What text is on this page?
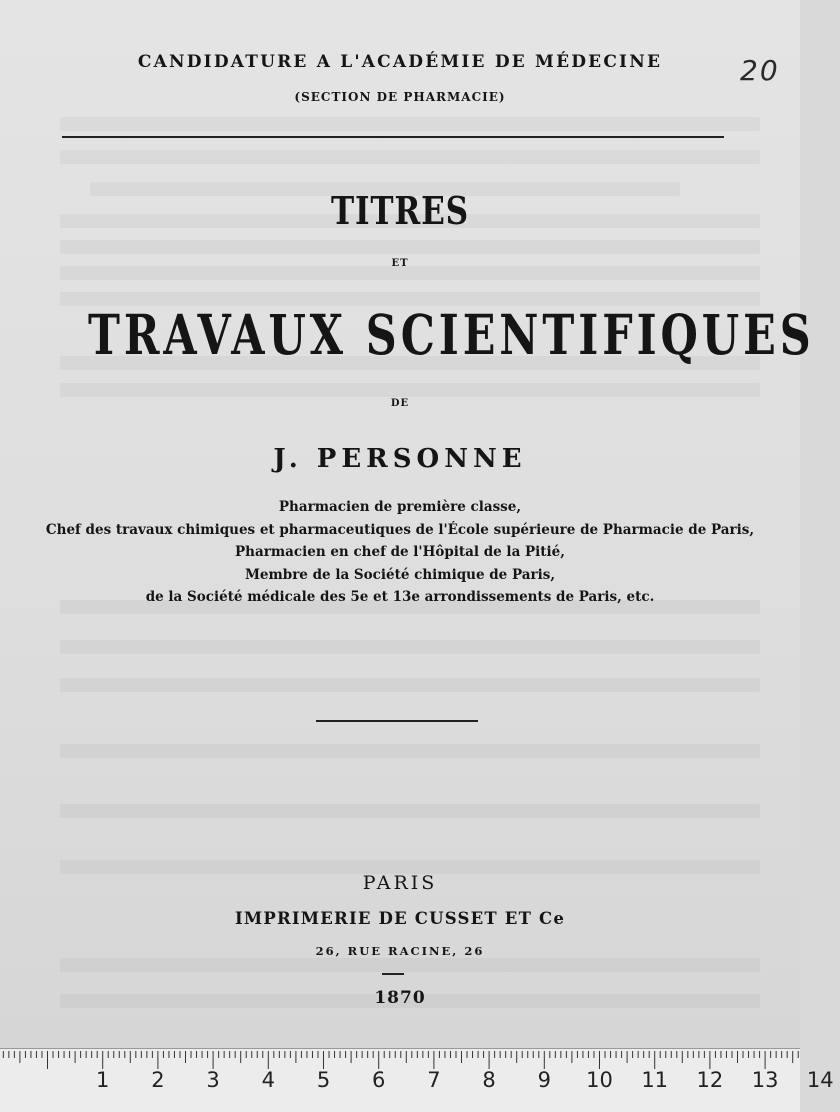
CANDIDATURE A L'ACADÉMIE DE MÉDECINE
(SECTION DE PHARMACIE)
20
TITRES
ET
TRAVAUX SCIENTIFIQUES
DE
J. PERSONNE
Pharmacien de première classe,
Chef des travaux chimiques et pharmaceutiques de l'École supérieure de Pharmacie de Paris,
Pharmacien en chef de l'Hôpital de la Pitié,
Membre de la Société chimique de Paris,
de la Société médicale des 5e et 13e arrondissements de Paris, etc.
PARIS
IMPRIMERIE DE CUSSET ET Ce
26, RUE RACINE, 26
1870
1	2	3	4	5	6	7	8	9	10	11	12	13	14
